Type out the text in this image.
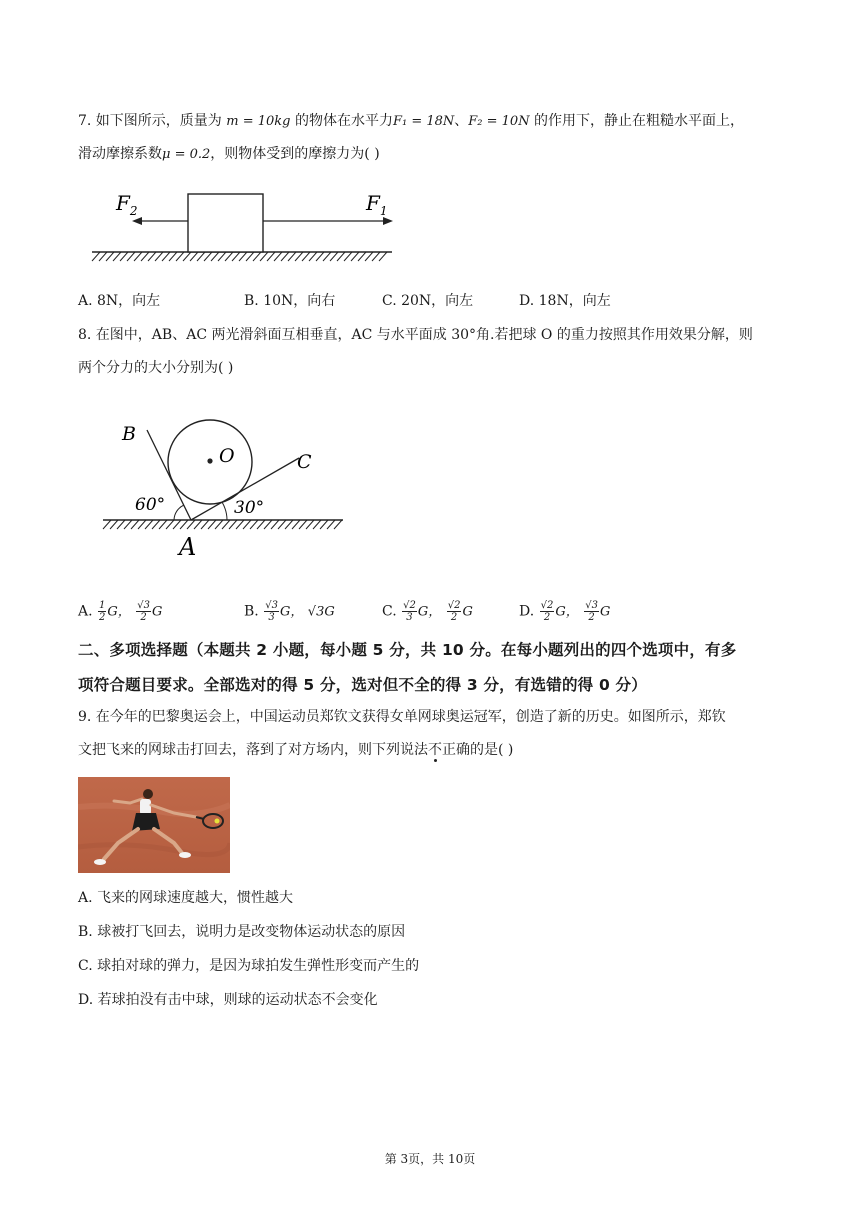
7. 如下图所示，质量为 m = 10kg 的物体在水平力F₁ = 18N、F₂ = 10N 的作用下，静止在粗糙水平面上，
滑动摩擦系数μ = 0.2，则物体受到的摩擦力为( )
$F_2$	$F_1$
A. 8N，向左	B. 10N，向右	C. 20N，向左	D. 18N，向左
8. 在图中，AB、AC 两光滑斜面互相垂直，AC 与水平面成 30°角.若把球 O 的重力按照其作用效果分解，则
两个分力的大小分别为( )
B
O	C
A
60°	30°
A. $\frac{1}{2}$ G， $\frac{√3}{2}$ G	B. $\frac{√3}{3}$ G， √3G	C. $\frac{√2}{3}$ G， $\frac{√2}{2}$ G	D. $\frac{√2}{2}$ G， $\frac{√3}{2}$ G
二、多项选择题（本题共 2 小题，每小题 5 分，共 10 分。在每小题列出的四个选项中，有多
项符合题目要求。全部选对的得 5 分，选对但不全的得 3 分，有选错的得 0 分）
9. 在今年的巴黎奥运会上，中国运动员郑钦文获得女单网球奥运冠军，创造了新的历史。如图所示，郑钦
文把飞来的网球击打回去，落到了对方场内，则下列说法不
正确的是( )
A. 飞来的网球速度越大，惯性越大
B. 球被打飞回去，说明力是改变物体运动状态的原因
C. 球拍对球的弹力，是因为球拍发生弹性形变而产生的
D. 若球拍没有击中球，则球的运动状态不会变化
第 3页，共 10页
